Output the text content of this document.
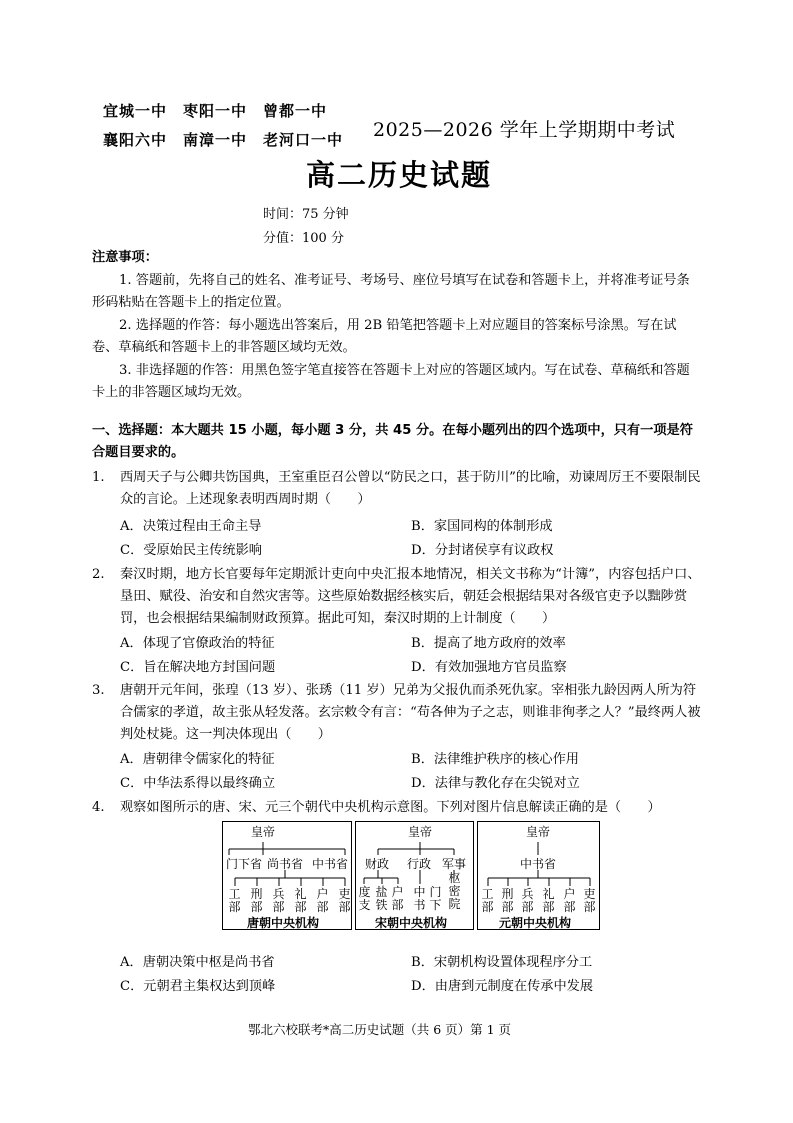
宜城一中　枣阳一中　曾都一中
襄阳六中　南漳一中　老河口一中 2025—2026 学年上学期期中考试
高二历史试题
时间：75 分钟
分值：100 分
注意事项：
1. 答题前，先将自己的姓名、准考证号、考场号、座位号填写在试卷和答题卡上，并将准考证号条形码粘贴在答题卡上的指定位置。
2. 选择题的作答：每小题选出答案后，用 2B 铅笔把答题卡上对应题目的答案标号涂黑。写在试卷、草稿纸和答题卡上的非答题区域均无效。
3. 非选择题的作答：用黑色签字笔直接答在答题卡上对应的答题区域内。写在试卷、草稿纸和答题卡上的非答题区域均无效。
一、选择题：本大题共 15 小题，每小题 3 分，共 45 分。在每小题列出的四个选项中，只有一项是符合题目要求的。
1. 西周天子与公卿共饬国典，王室重臣召公曾以“防民之口，甚于防川”的比喻，劝谏周厉王不要限制民众的言论。上述现象表明西周时期（　　）
A．决策过程由王命主导	B．家国同构的体制形成
C．受原始民主传统影响	D．分封诸侯享有议政权
2. 秦汉时期，地方长官要每年定期派计吏向中央汇报本地情况，相关文书称为“计簿”，内容包括户口、垦田、赋役、治安和自然灾害等。这些原始数据经核实后，朝廷会根据结果对各级官吏予以黜陟赏罚，也会根据结果编制财政预算。据此可知，秦汉时期的上计制度（　　）
A．体现了官僚政治的特征	B．提高了地方政府的效率
C．旨在解决地方封国问题	D．有效加强地方官员监察
3. 唐朝开元年间，张瑝（13 岁）、张琇（11 岁）兄弟为父报仇而杀死仇家。宰相张九龄因两人所为符合儒家的孝道，故主张从轻发落。玄宗敕令有言：“苟各伸为子之志，则谁非徇孝之人？”最终两人被判处杖毙。这一判决体现出（　　）
A．唐朝律令儒家化的特征	B．法律维护秩序的核心作用
C．中华法系得以最终确立	D．法律与教化存在尖锐对立
4. 观察如图所示的唐、宋、元三个朝代中央机构示意图。下列对图片信息解读正确的是（　　）
皇帝
门下省 尚书省 中书省
工部
刑部
兵部
礼部
户部
吏部
唐朝中央机构
皇帝
财政 行政 军事
度支
盐铁
户部
中书
门下
枢密院
宋朝中央机构
皇帝
中书省
工部
刑部
兵部
礼部
户部
吏部
元朝中央机构
A．唐朝决策中枢是尚书省	B．宋朝机构设置体现程序分工
C．元朝君主集权达到顶峰	D．由唐到元制度在传承中发展
鄂北六校联考*高二历史试题（共 6 页）第 1 页
